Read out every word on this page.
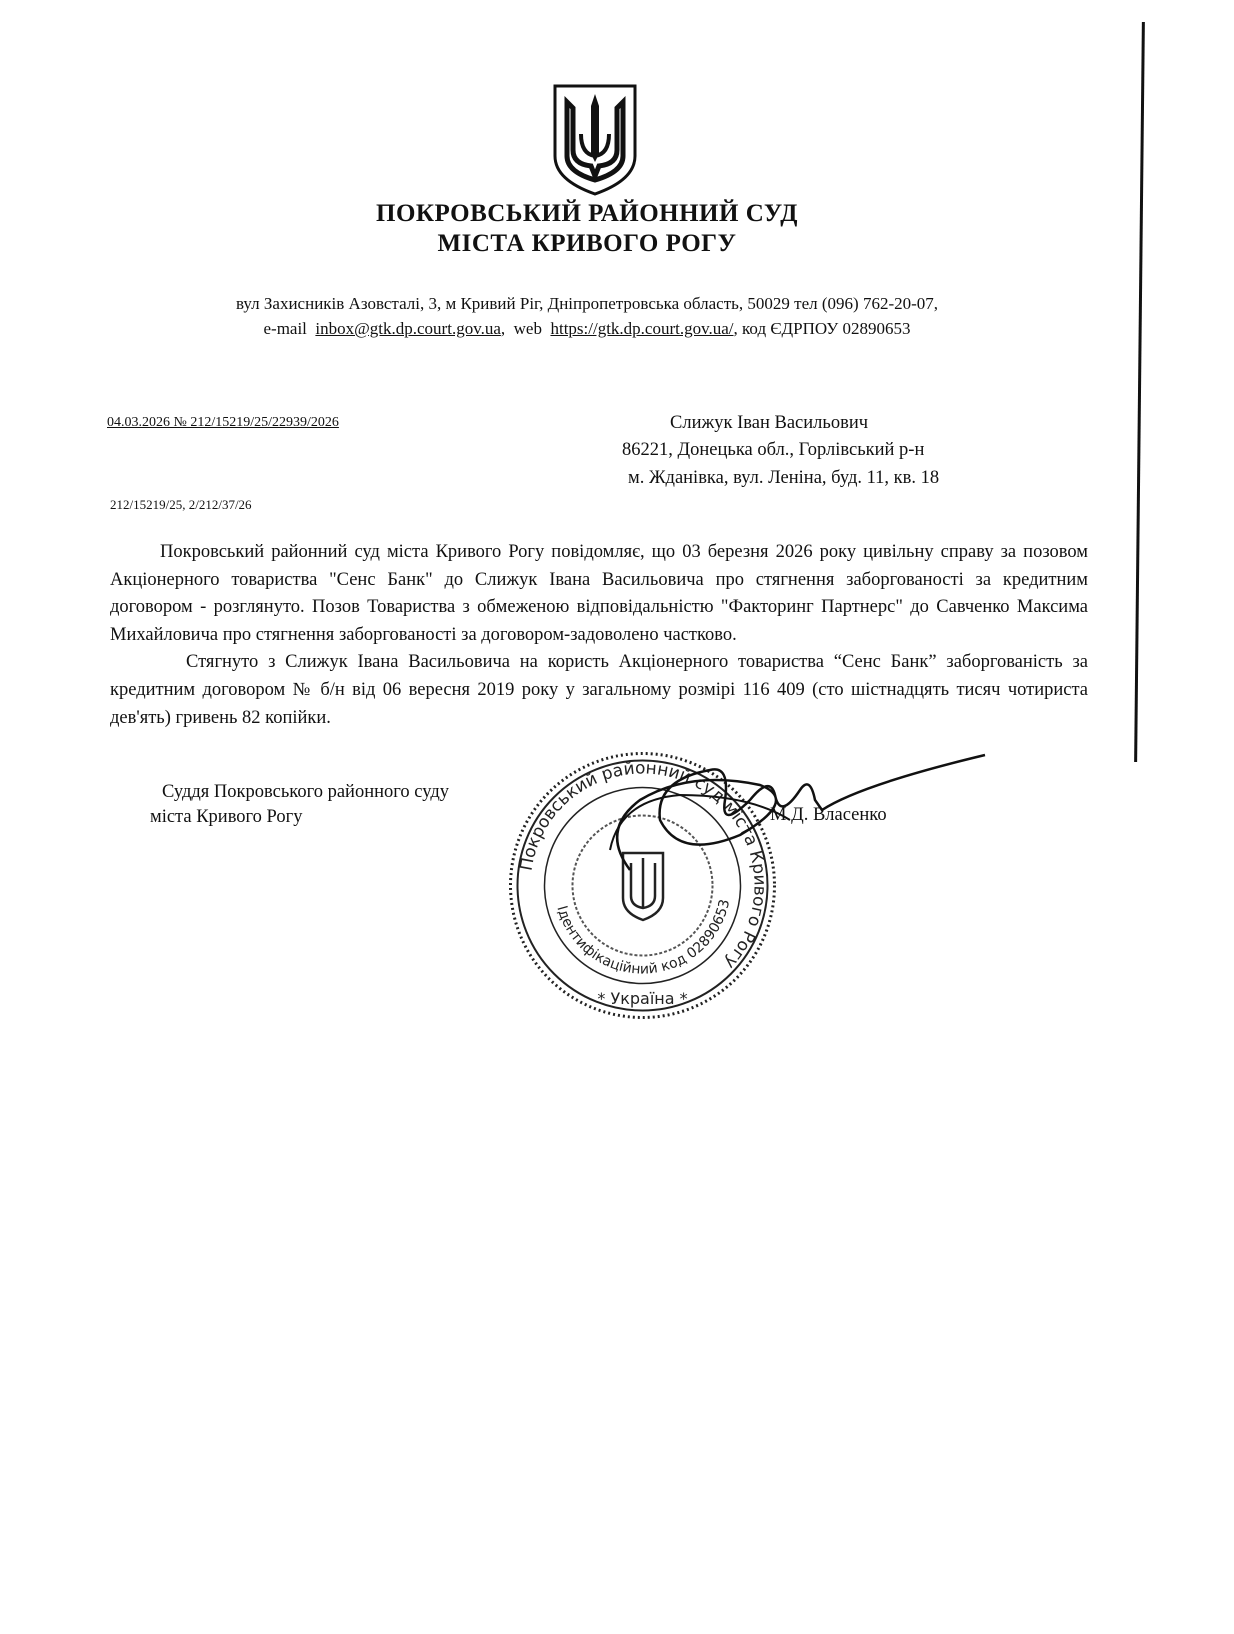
ПОКРОВСЬКИЙ РАЙОННИЙ СУД
МІСТА КРИВОГО РОГУ
вул Захисників Азовсталі, 3, м Кривий Ріг, Дніпропетровська область, 50029 тел (096) 762-20-07,
e-mail inbox@gtk.dp.court.gov.ua,  web https://gtk.dp.court.gov.ua/, код ЄДРПОУ 02890653
04.03.2026 № 212/15219/25/22939/2026
212/15219/25, 2/212/37/26
Слижук Іван Васильович
86221, Донецька обл., Горлівський р-н
м. Жданівка, вул. Леніна, буд. 11, кв. 18

Покровський районний суд міста Кривого Рогу повідомляє, що 03 березня 2026 року цивільну справу за позовом Акціонерного товариства "Сенс Банк" до Слижук Івана Васильовича про стягнення заборгованості за кредитним договором - розглянуто. Позов Товариства з обмеженою відповідальністю "Факторинг Партнерс" до Савченко Максима Михайловича про стягнення заборгованості за договором-задоволено частково.

Стягнуто з Слижук Івана Васильовича на користь Акціонерного товариства “Сенс Банк” заборгованість за кредитним договором № б/н від 06 вересня 2019 року у загальному розмірі 116 409 (сто шістнадцять тисяч чотириста дев'ять) гривень 82 копійки.

Суддя Покровського районного суду
міста Кривого Рогу	М Д. Власенко
Покровський районний суд міста Кривого Рогу
Ідентифікаційний код 02890653
* Україна *
